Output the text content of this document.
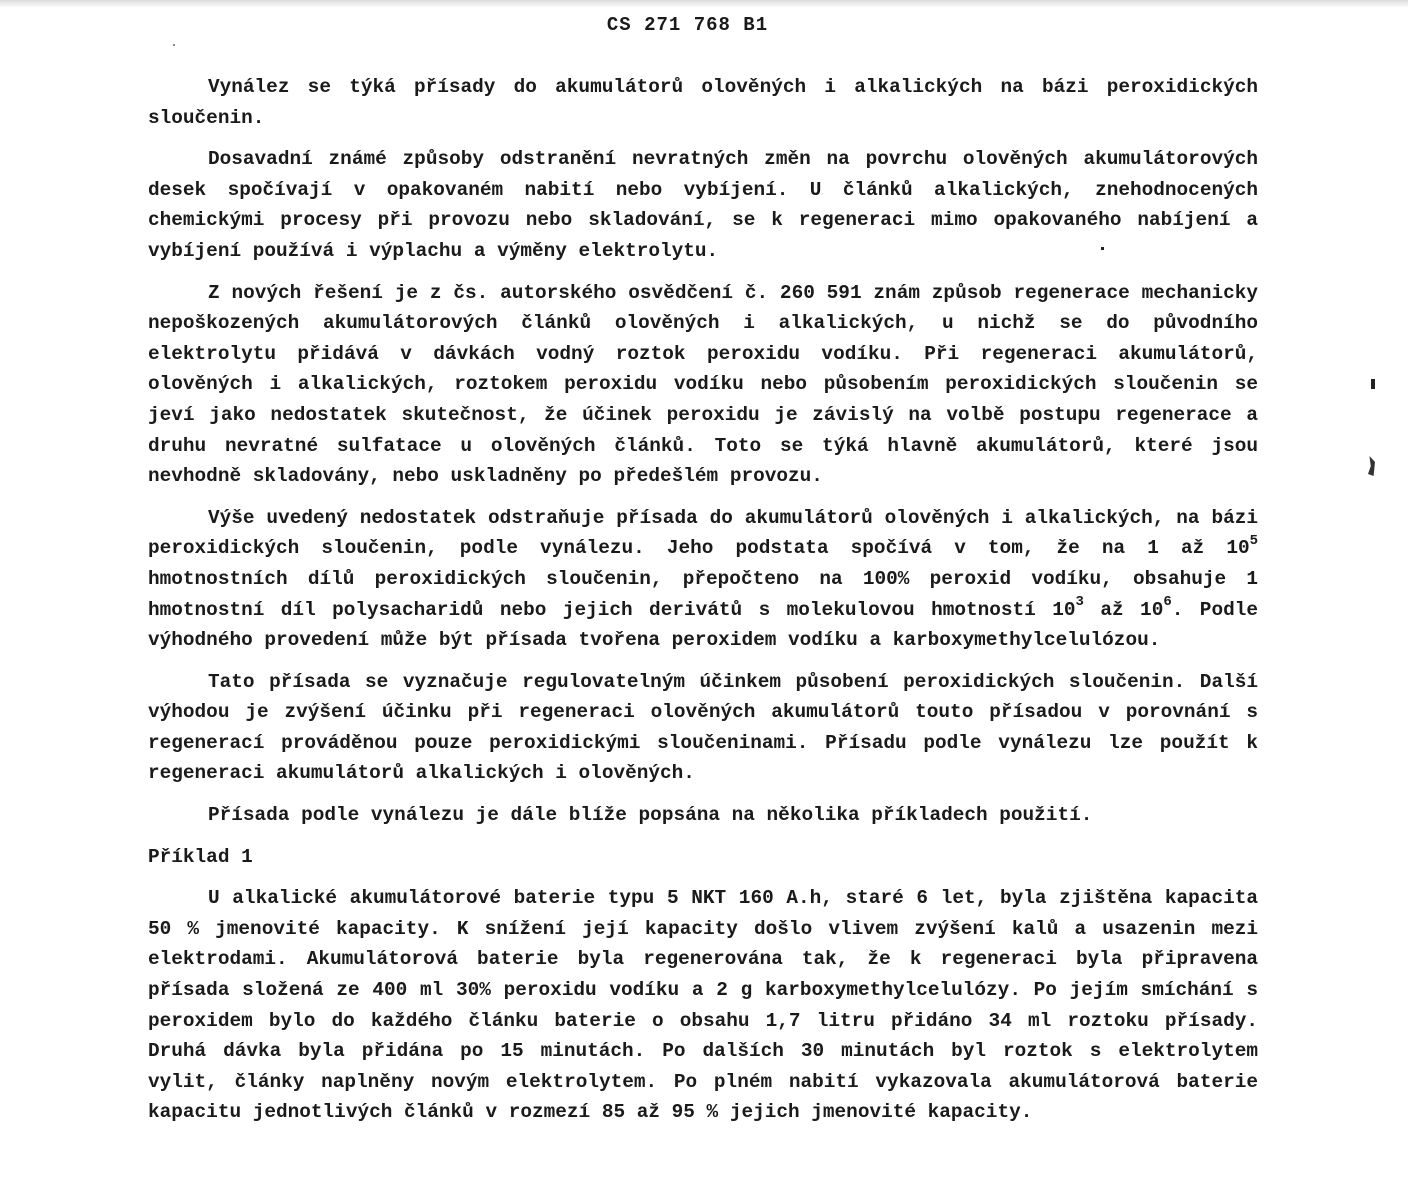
CS 271 768 B1

Vynález se týká přísady do akumulátorů olověných i alkalických na bázi peroxidických sloučenin.

Dosavadní známé způsoby odstranění nevratných změn na povrchu olověných akumulátorových desek spočívají v opakovaném nabití nebo vybíjení. U článků alkalických, znehodnocených chemickými procesy při provozu nebo skladování, se k regeneraci mimo opakovaného nabíjení a vybíjení používá i výplachu a výměny elektrolytu.

Z nových řešení je z čs. autorského osvědčení č. 260 591 znám způsob regenerace mechanicky nepoškozených akumulátorových článků olověných i alkalických, u nichž se do původního elektrolytu přidává v dávkách vodný roztok peroxidu vodíku. Při regeneraci akumulátorů, olověných i alkalických, roztokem peroxidu vodíku nebo působením peroxidických sloučenin se jeví jako nedostatek skutečnost, že účinek peroxidu je závislý na volbě postupu regenerace a druhu nevratné sulfatace u olověných článků. Toto se týká hlavně akumulátorů, které jsou nevhodně skladovány, nebo uskladněny po předešlém provozu.

Výše uvedený nedostatek odstraňuje přísada do akumulátorů olověných i alkalických, na bázi peroxidických sloučenin, podle vynálezu. Jeho podstata spočívá v tom, že na 1 až $10^5$ hmotnostních dílů peroxidických sloučenin, přepočteno na 100% peroxid vodíku, obsahuje 1 hmotnostní díl polysacharidů nebo jejich derivátů s molekulovou hmotností $10^3$ až $10^6$. Podle výhodného provedení může být přísada tvořena peroxidem vodíku a karboxymethylcelulózou.

Tato přísada se vyznačuje regulovatelným účinkem působení peroxidických sloučenin. Další výhodou je zvýšení účinku při regeneraci olověných akumulátorů touto přísadou v porovnání s regenerací prováděnou pouze peroxidickými sloučeninami. Přísadu podle vynálezu lze použít k regeneraci akumulátorů alkalických i olověných.

Přísada podle vynálezu je dále blíže popsána na několika příkladech použití.

Příklad 1

U alkalické akumulátorové baterie typu 5 NKT 160 A.h, staré 6 let, byla zjištěna kapacita 50 % jmenovité kapacity. K snížení její kapacity došlo vlivem zvýšení kalů a usazenin mezi elektrodami. Akumulátorová baterie byla regenerována tak, že k regeneraci byla připravena přísada složená ze 400 ml 30% peroxidu vodíku a 2 g karboxymethylcelulózy. Po jejím smíchání s peroxidem bylo do každého článku baterie o obsahu 1,7 litru přidáno 34 ml roztoku přísady. Druhá dávka byla přidána po 15 minutách. Po dalších 30 minutách byl roztok s elektrolytem vylit, články naplněny novým elektrolytem. Po plném nabití vykazovala akumulátorová baterie kapacitu jednotlivých článků v rozmezí 85 až 95 % jejich jmenovité kapacity.
